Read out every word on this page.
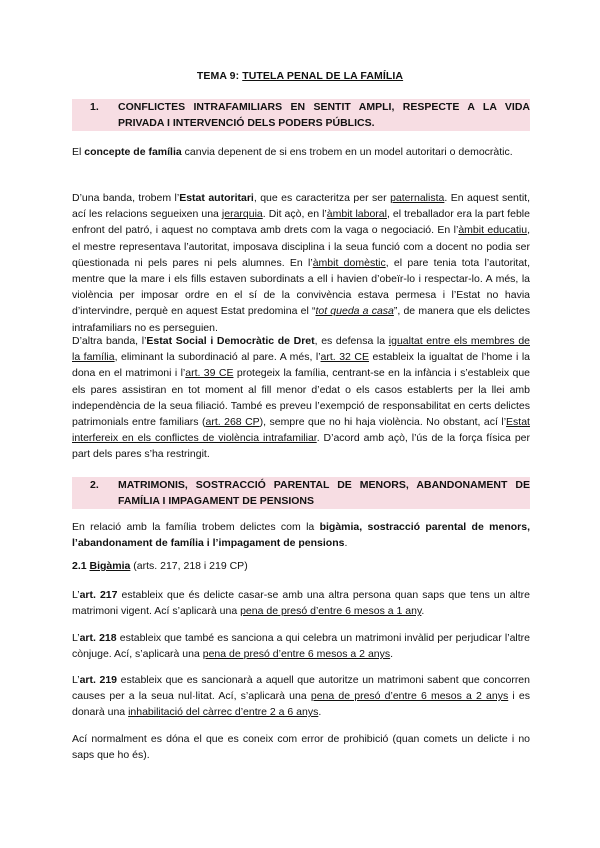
TEMA 9: TUTELA PENAL DE LA FAMÍLIA
1.	CONFLICTES INTRAFAMILIARS EN SENTIT AMPLI, RESPECTE A LA VIDA PRIVADA I INTERVENCIÓ DELS PODERS PÚBLICS.
El concepte de família canvia depenent de si ens trobem en un model autoritari o democràtic.
D’una banda, trobem l’Estat autoritari, que es caracteritza per ser paternalista. En aquest sentit, ací les relacions segueixen una jerarquia. Dit açò, en l’àmbit laboral, el treballador era la part feble enfront del patró, i aquest no comptava amb drets com la vaga o negociació. En l’àmbit educatiu, el mestre representava l’autoritat, imposava disciplina i la seua funció com a docent no podia ser qüestionada ni pels pares ni pels alumnes. En l’àmbit domèstic, el pare tenia tota l’autoritat, mentre que la mare i els fills estaven subordinats a ell i havien d’obeïr-lo i respectar-lo. A més, la violència per imposar ordre en el sí de la convivència estava permesa i l’Estat no havia d’intervindre, perquè en aquest Estat predomina el “tot queda a casa”, de manera que els delictes intrafamiliars no es perseguien.
D’altra banda, l’Estat Social i Democràtic de Dret, es defensa la igualtat entre els membres de la família, eliminant la subordinació al pare. A més, l’art. 32 CE estableix la igualtat de l’home i la dona en el matrimoni i l’art. 39 CE protegeix la família, centrant-se en la infància i s’estableix que els pares assistiran en tot moment al fill menor d’edat o els casos establerts per la llei amb independència de la seua filiació. També es preveu l’exempció de responsabilitat en certs delictes patrimonials entre familiars (art. 268 CP), sempre que no hi haja violència. No obstant, ací l’Estat interfereix en els conflictes de violència intrafamiliar. D’acord amb açò, l’ús de la força física per part dels pares s’ha restringit.
2.	MATRIMONIS, SOSTRACCIÓ PARENTAL DE MENORS, ABANDONAMENT DE FAMÍLIA I IMPAGAMENT DE PENSIONS
En relació amb la família trobem delictes com la bigàmia, sostracció parental de menors, l’abandonament de família i l’impagament de pensions.
2.1 Bigàmia (arts. 217, 218 i 219 CP)
L’art. 217 estableix que és delicte casar-se amb una altra persona quan saps que tens un altre matrimoni vigent. Ací s’aplicarà una pena de presó d’entre 6 mesos a 1 any.
L’art. 218 estableix que també es sanciona a qui celebra un matrimoni invàlid per perjudicar l’altre cònjuge. Ací, s’aplicarà una pena de presó d’entre 6 mesos a 2 anys.
L’art. 219 estableix que es sancionarà a aquell que autoritze un matrimoni sabent que concorren causes per a la seua nul·litat. Ací, s’aplicarà una pena de presó d’entre 6 mesos a 2 anys i es donarà una inhabilitació del càrrec d’entre 2 a 6 anys.
Ací normalment es dóna el que es coneix com error de prohibició (quan comets un delicte i no saps que ho és).
